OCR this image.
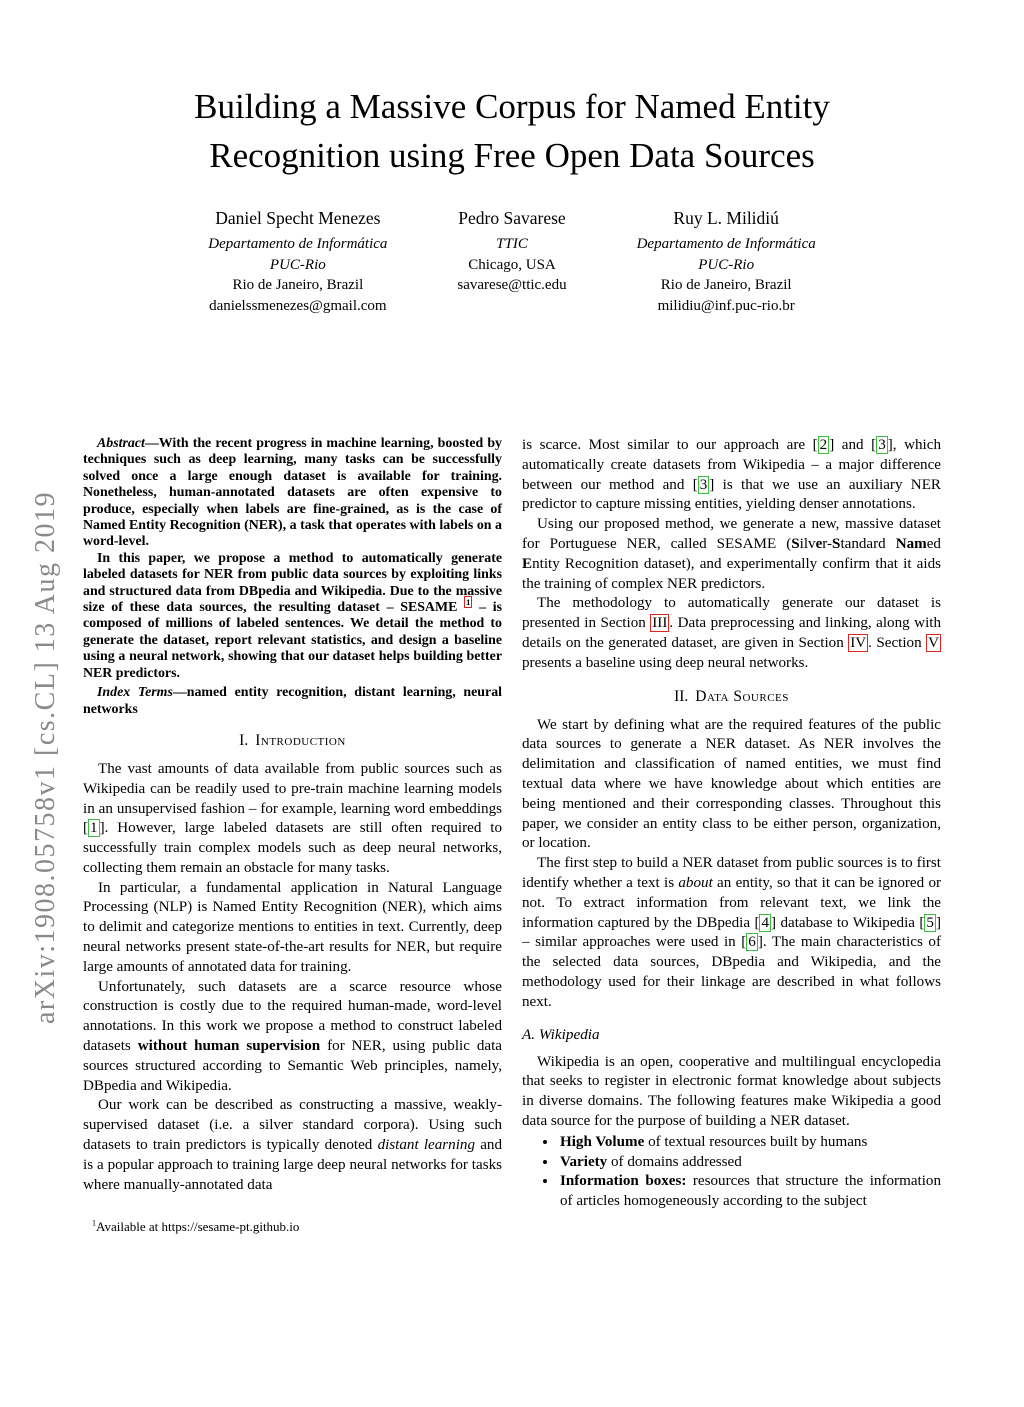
arXiv:1908.05758v1 [cs.CL] 13 Aug 2019
Building a Massive Corpus for Named Entity
Recognition using Free Open Data Sources
Daniel Specht Menezes
Departamento de Informática
PUC-Rio
Rio de Janeiro, Brazil
danielssmenezes@gmail.com
Pedro Savarese
TTIC
Chicago, USA
savarese@ttic.edu
Ruy L. Milidiú
Departamento de Informática
PUC-Rio
Rio de Janeiro, Brazil
milidiu@inf.puc-rio.br

Abstract—With the recent progress in machine learning, boosted by techniques such as deep learning, many tasks can be successfully solved once a large enough dataset is available for training. Nonetheless, human-annotated datasets are often expensive to produce, especially when labels are fine-grained, as is the case of Named Entity Recognition (NER), a task that operates with labels on a word-level.

In this paper, we propose a method to automatically generate labeled datasets for NER from public data sources by exploiting links and structured data from DBpedia and Wikipedia. Due to the massive size of these data sources, the resulting dataset – SESAME $^1$ – is composed of millions of labeled sentences. We detail the method to generate the dataset, report relevant statistics, and design a baseline using a neural network, showing that our dataset helps building better NER predictors.

Index Terms—named entity recognition, distant learning, neural networks

I. Introduction

The vast amounts of data available from public sources such as Wikipedia can be readily used to pre-train machine learning models in an unsupervised fashion – for example, learning word embeddings [ 1 ]. However, large labeled datasets are still often required to successfully train complex models such as deep neural networks, collecting them remain an obstacle for many tasks.

In particular, a fundamental application in Natural Language Processing (NLP) is Named Entity Recognition (NER), which aims to delimit and categorize mentions to entities in text. Currently, deep neural networks present state-of-the-art results for NER, but require large amounts of annotated data for training.

Unfortunately, such datasets are a scarce resource whose construction is costly due to the required human-made, word-level annotations. In this work we propose a method to construct labeled datasets without human supervision for NER, using public data sources structured according to Semantic Web principles, namely, DBpedia and Wikipedia.

Our work can be described as constructing a massive, weakly-supervised dataset (i.e. a silver standard corpora). Using such datasets to train predictors is typically denoted distant learning and is a popular approach to training large deep neural networks for tasks where manually-annotated data

$^1$Available at https://sesame-pt.github.io

is scarce. Most similar to our approach are [ 2 ] and [ 3 ], which automatically create datasets from Wikipedia – a major difference between our method and [ 3 ] is that we use an auxiliary NER predictor to capture missing entities, yielding denser annotations.

Using our proposed method, we generate a new, massive dataset for Portuguese NER, called SESAME (Silver-Standard Named Entity Recognition dataset), and experimentally confirm that it aids the training of complex NER predictors.

The methodology to automatically generate our dataset is presented in Section III . Data preprocessing and linking, along with details on the generated dataset, are given in Section IV . Section V presents a baseline using deep neural networks.

II. Data Sources

We start by defining what are the required features of the public data sources to generate a NER dataset. As NER involves the delimitation and classification of named entities, we must find textual data where we have knowledge about which entities are being mentioned and their corresponding classes. Throughout this paper, we consider an entity class to be either person, organization, or location.

The first step to build a NER dataset from public sources is to first identify whether a text is about an entity, so that it can be ignored or not. To extract information from relevant text, we link the information captured by the DBpedia [ 4 ] database to Wikipedia [ 5 ] – similar approaches were used in [ 6 ]. The main characteristics of the selected data sources, DBpedia and Wikipedia, and the methodology used for their linkage are described in what follows next.

A. Wikipedia

Wikipedia is an open, cooperative and multilingual encyclopedia that seeks to register in electronic format knowledge about subjects in diverse domains. The following features make Wikipedia a good data source for the purpose of building a NER dataset.

• High Volume of textual resources built by humans
• Variety of domains addressed
• Information boxes: resources that structure the information of articles homogeneously according to the subject
